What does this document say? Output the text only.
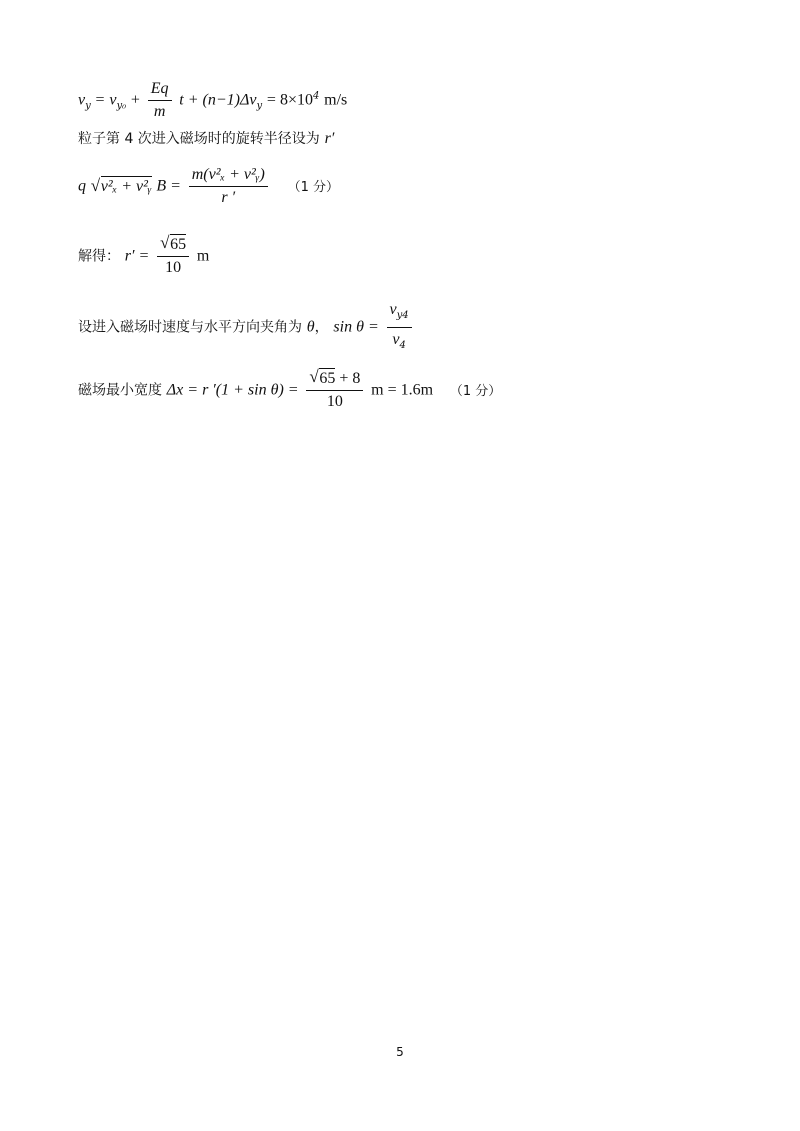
$v_y = v_{y_0} + \frac{Eq}{m}$ $t + (n-1)\Delta v_y = 8\times 10^4$ m/s
粒子第 4 次进入磁场时的旋转半径设为 r′
q √ v²ₓ + v²ᵧ $B = \frac{\text{m(v²ₓ + v²ᵧ)}}{r '} (1$ 分）
解得： r′ = √ $\frac{65}{10}$ m
设进入磁场时速度与水平方向夹角为 θ， $\sin \theta = \frac{v_{y4}}{v_4}$
磁场最小宽度 Δx = r ′(1 + sin θ) = √ $\frac{65 + 8}{10}$ m = 1.6m （1 分）
5
